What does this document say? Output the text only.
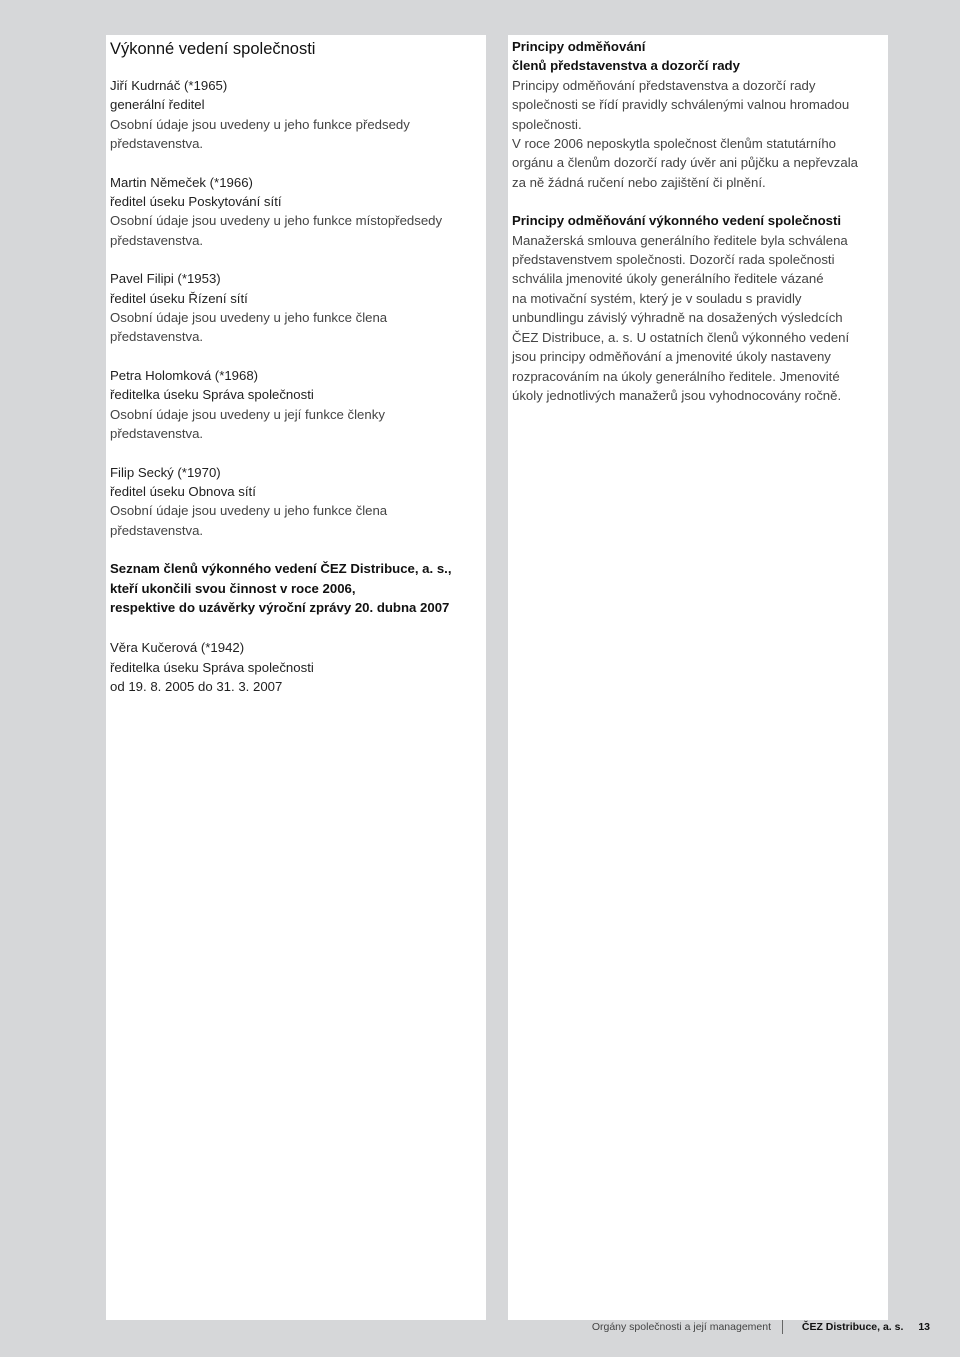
Výkonné vedení společnosti
Jiří Kudrnáč (*1965)
generální ředitel
Osobní údaje jsou uvedeny u jeho funkce předsedy
představenstva.
Martin Němeček (*1966)
ředitel úseku Poskytování sítí
Osobní údaje jsou uvedeny u jeho funkce místopředsedy
představenstva.
Pavel Filipi (*1953)
ředitel úseku Řízení sítí
Osobní údaje jsou uvedeny u jeho funkce člena
představenstva.
Petra Holomková (*1968)
ředitelka úseku Správa společnosti
Osobní údaje jsou uvedeny u její funkce členky
představenstva.
Filip Secký (*1970)
ředitel úseku Obnova sítí
Osobní údaje jsou uvedeny u jeho funkce člena
představenstva.
Seznam členů výkonného vedení ČEZ Distribuce, a. s.,
kteří ukončili svou činnost v roce 2006,
respektive do uzávěrky výroční zprávy 20. dubna 2007
Věra Kučerová (*1942)
ředitelka úseku Správa společnosti
od 19. 8. 2005 do 31. 3. 2007
Principy odměňování
členů představenstva a dozorčí rady

Principy odměňování představenstva a dozorčí rady

společnosti se řídí pravidly schválenými valnou hromadou

společnosti.

V roce 2006 neposkytla společnost členům statutárního

orgánu a členům dozorčí rady úvěr ani půjčku a nepřevzala

za ně žádná ručení nebo zajištění či plnění.

Principy odměňování výkonného vedení společnosti

Manažerská smlouva generálního ředitele byla schválena

představenstvem společnosti. Dozorčí rada společnosti

schválila jmenovité úkoly generálního ředitele vázané

na motivační systém, který je v souladu s pravidly

unbundlingu závislý výhradně na dosažených výsledcích

ČEZ Distribuce, a. s. U ostatních členů výkonného vedení

jsou principy odměňování a jmenovité úkoly nastaveny

rozpracováním na úkoly generálního ředitele. Jmenovité

úkoly jednotlivých manažerů jsou vyhodnocovány ročně.

Orgány společnosti a její management	ČEZ Distribuce, a. s. 13
